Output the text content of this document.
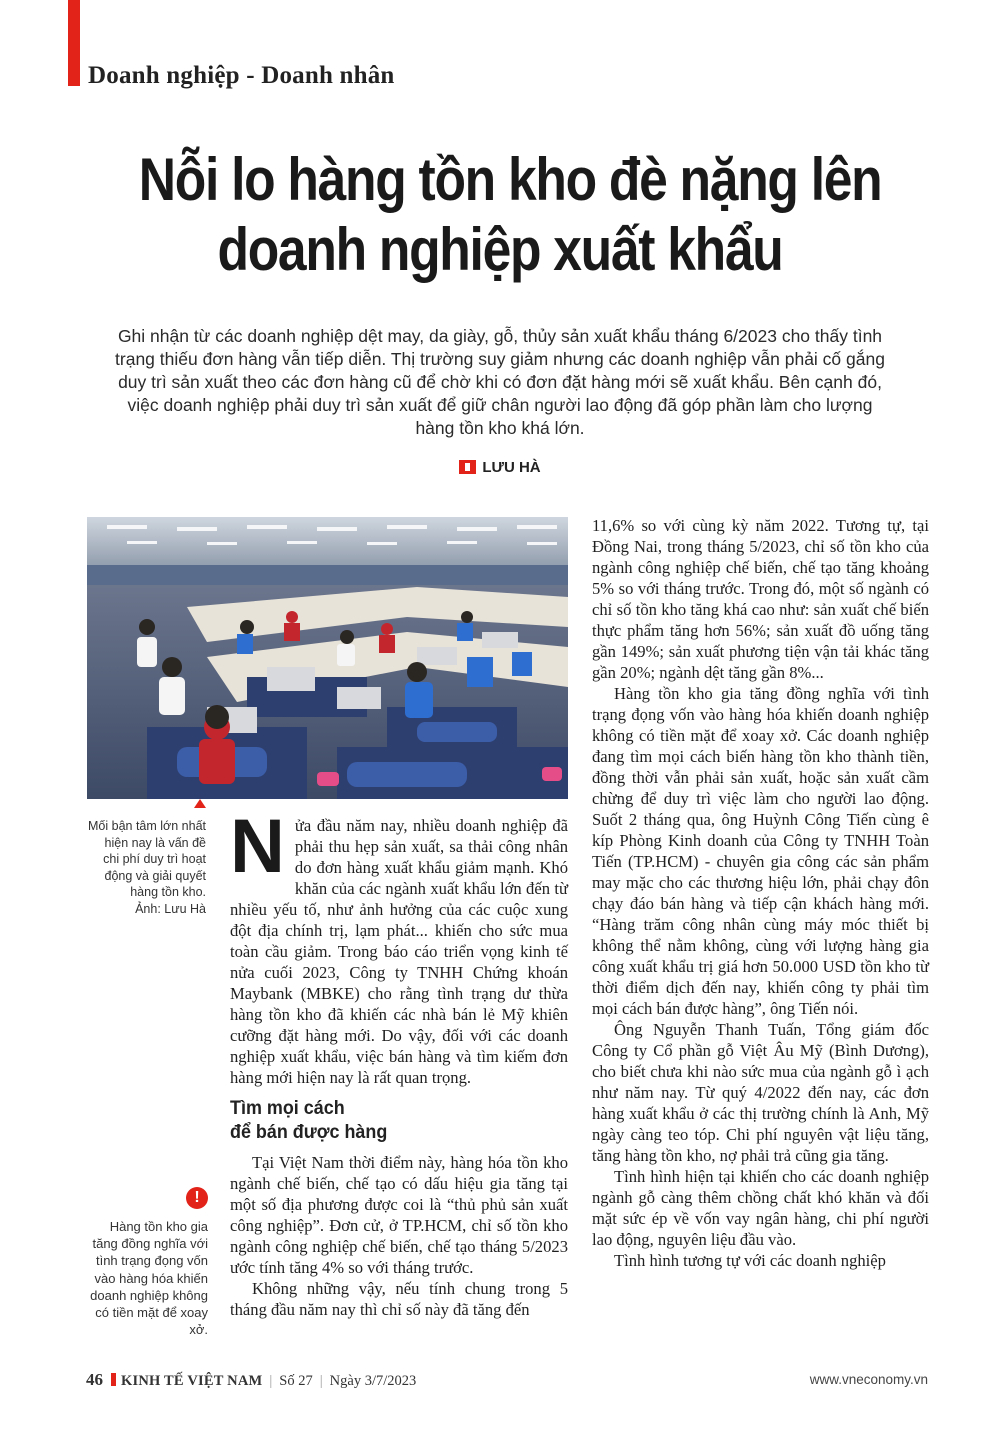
Doanh nghiệp - Doanh nhân
Nỗi lo hàng tồn kho đè nặng lên
doanh nghiệp xuất khẩu
Ghi nhận từ các doanh nghiệp dệt may, da giày, gỗ, thủy sản xuất khẩu tháng 6/2023 cho thấy tình trạng thiếu đơn hàng vẫn tiếp diễn. Thị trường suy giảm nhưng các doanh nghiệp vẫn phải cố gắng duy trì sản xuất theo các đơn hàng cũ để chờ khi có đơn đặt hàng mới sẽ xuất khẩu. Bên cạnh đó, việc doanh nghiệp phải duy trì sản xuất để giữ chân người lao động đã góp phần làm cho lượng hàng tồn kho khá lớn.
LƯU HÀ
Mối bận tâm lớn nhất hiện nay là vấn đề chi phí duy trì hoạt động và giải quyết hàng tồn kho.
Ảnh: Lưu Hà
!
Hàng tồn kho gia tăng đồng nghĩa với tình trạng đọng vốn vào hàng hóa khiến doanh nghiệp không có tiền mặt để xoay xở.

Nửa đầu năm nay, nhiều doanh nghiệp đã phải thu hẹp sản xuất, sa thải công nhân do đơn hàng xuất khẩu giảm mạnh. Khó khăn của các ngành xuất khẩu lớn đến từ nhiều yếu tố, như ảnh hưởng của các cuộc xung đột địa chính trị, lạm phát... khiến cho sức mua toàn cầu giảm. Trong báo cáo triển vọng kinh tế nửa cuối 2023, Công ty TNHH Chứng khoán Maybank (MBKE) cho rằng tình trạng dư thừa hàng tồn kho đã khiến các nhà bán lẻ Mỹ khiên cưỡng đặt hàng mới. Do vậy, đối với các doanh nghiệp xuất khẩu, việc bán hàng và tìm kiếm đơn hàng mới hiện nay là rất quan trọng.

Tìm mọi cách
để bán được hàng

Tại Việt Nam thời điểm này, hàng hóa tồn kho ngành chế biến, chế tạo có dấu hiệu gia tăng tại một số địa phương được coi là “thủ phủ sản xuất công nghiệp”. Đơn cử, ở TP.HCM, chỉ số tồn kho ngành công nghiệp chế biến, chế tạo tháng 5/2023 ước tính tăng 4% so với tháng trước.

Không những vậy, nếu tính chung trong 5 tháng đầu năm nay thì chỉ số này đã tăng đến

11,6% so với cùng kỳ năm 2022. Tương tự, tại Đồng Nai, trong tháng 5/2023, chỉ số tồn kho của ngành công nghiệp chế biến, chế tạo tăng khoảng 5% so với tháng trước. Trong đó, một số ngành có chỉ số tồn kho tăng khá cao như: sản xuất chế biến thực phẩm tăng hơn 56%; sản xuất đồ uống tăng gần 149%; sản xuất phương tiện vận tải khác tăng gần 20%; ngành dệt tăng gần 8%...

Hàng tồn kho gia tăng đồng nghĩa với tình trạng đọng vốn vào hàng hóa khiến doanh nghiệp không có tiền mặt để xoay xở. Các doanh nghiệp đang tìm mọi cách biến hàng tồn kho thành tiền, đồng thời vẫn phải sản xuất, hoặc sản xuất cầm chừng để duy trì việc làm cho người lao động. Suốt 2 tháng qua, ông Huỳnh Công Tiến cùng ê kíp Phòng Kinh doanh của Công ty TNHH Toàn Tiến (TP.HCM) - chuyên gia công các sản phẩm may mặc cho các thương hiệu lớn, phải chạy đôn chạy đáo bán hàng và tiếp cận khách hàng mới. “Hàng trăm công nhân cùng máy móc thiết bị không thể nằm không, cùng với lượng hàng gia công xuất khẩu trị giá hơn 50.000 USD tồn kho từ thời điểm dịch đến nay, khiến công ty phải tìm mọi cách bán được hàng”, ông Tiến nói.

Ông Nguyễn Thanh Tuấn, Tổng giám đốc Công ty Cổ phần gỗ Việt Âu Mỹ (Bình Dương), cho biết chưa khi nào sức mua của ngành gỗ ì ạch như năm nay. Từ quý 4/2022 đến nay, các đơn hàng xuất khẩu ở các thị trường chính là Anh, Mỹ ngày càng teo tóp. Chi phí nguyên vật liệu tăng, tăng hàng tồn kho, nợ phải trả cũng gia tăng.

Tình hình hiện tại khiến cho các doanh nghiệp ngành gỗ càng thêm chồng chất khó khăn và đối mặt sức ép về vốn vay ngân hàng, chi phí người lao động, nguyên liệu đầu vào.

Tình hình tương tự với các doanh nghiệp

46 KINH TẾ VIỆT NAM | Số 27 | Ngày 3/7/2023	www.vneconomy.vn
